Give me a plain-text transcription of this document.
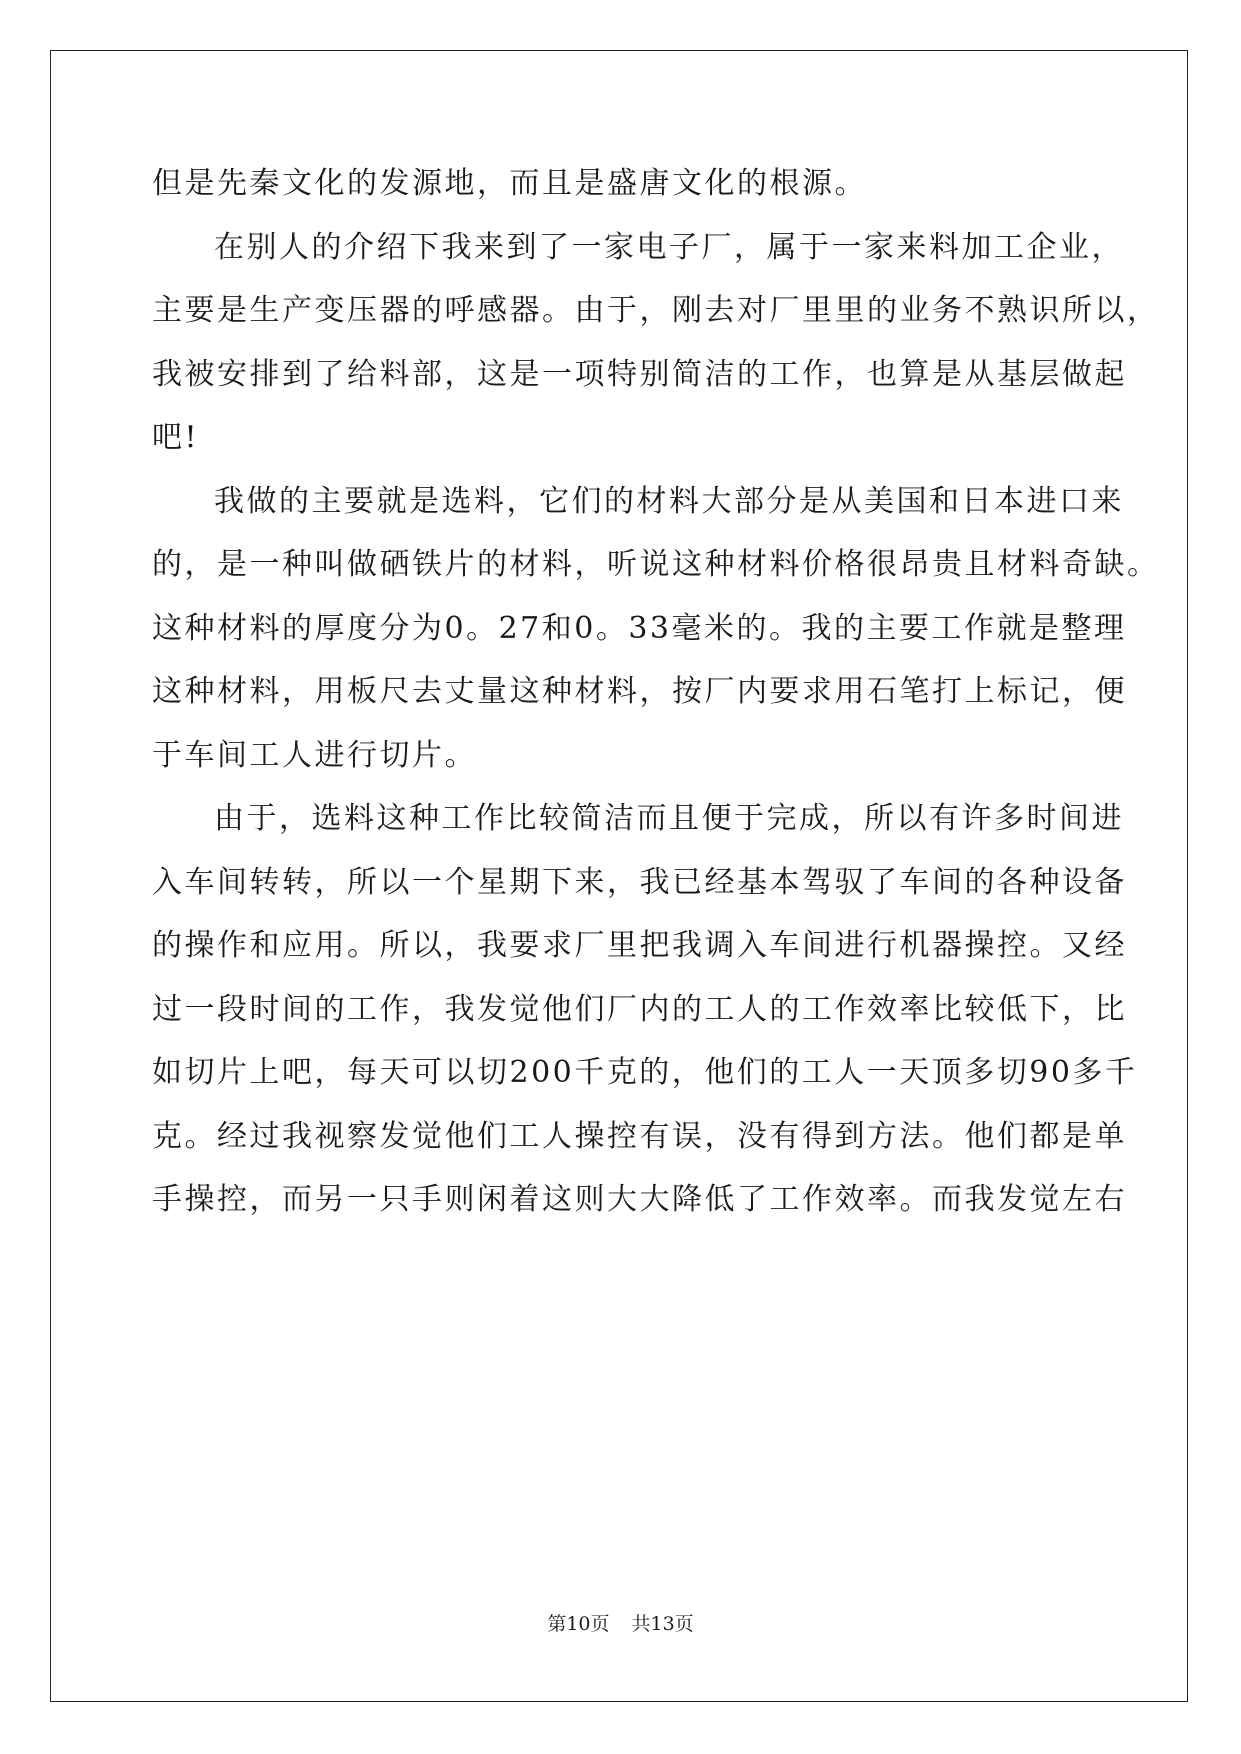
但是先秦文化的发源地，而且是盛唐文化的根源。
在别人的介绍下我来到了一家电子厂，属于一家来料加工企业，
主要是生产变压器的呼感器。由于，刚去对厂里里的业务不熟识所以，
我被安排到了给料部，这是一项特别简洁的工作，也算是从基层做起
吧!
我做的主要就是选料，它们的材料大部分是从美国和日本进口来
的，是一种叫做硒铁片的材料，听说这种材料价格很昂贵且材料奇缺。
这种材料的厚度分为0。27和0。33毫米的。我的主要工作就是整理
这种材料，用板尺去丈量这种材料，按厂内要求用石笔打上标记，便
于车间工人进行切片。
由于，选料这种工作比较简洁而且便于完成，所以有许多时间进
入车间转转，所以一个星期下来，我已经基本驾驭了车间的各种设备
的操作和应用。所以，我要求厂里把我调入车间进行机器操控。又经
过一段时间的工作，我发觉他们厂内的工人的工作效率比较低下，比
如切片上吧，每天可以切200千克的，他们的工人一天顶多切90多千
克。经过我视察发觉他们工人操控有误，没有得到方法。他们都是单
手操控，而另一只手则闲着这则大大降低了工作效率。而我发觉左右
第10页 共13页
